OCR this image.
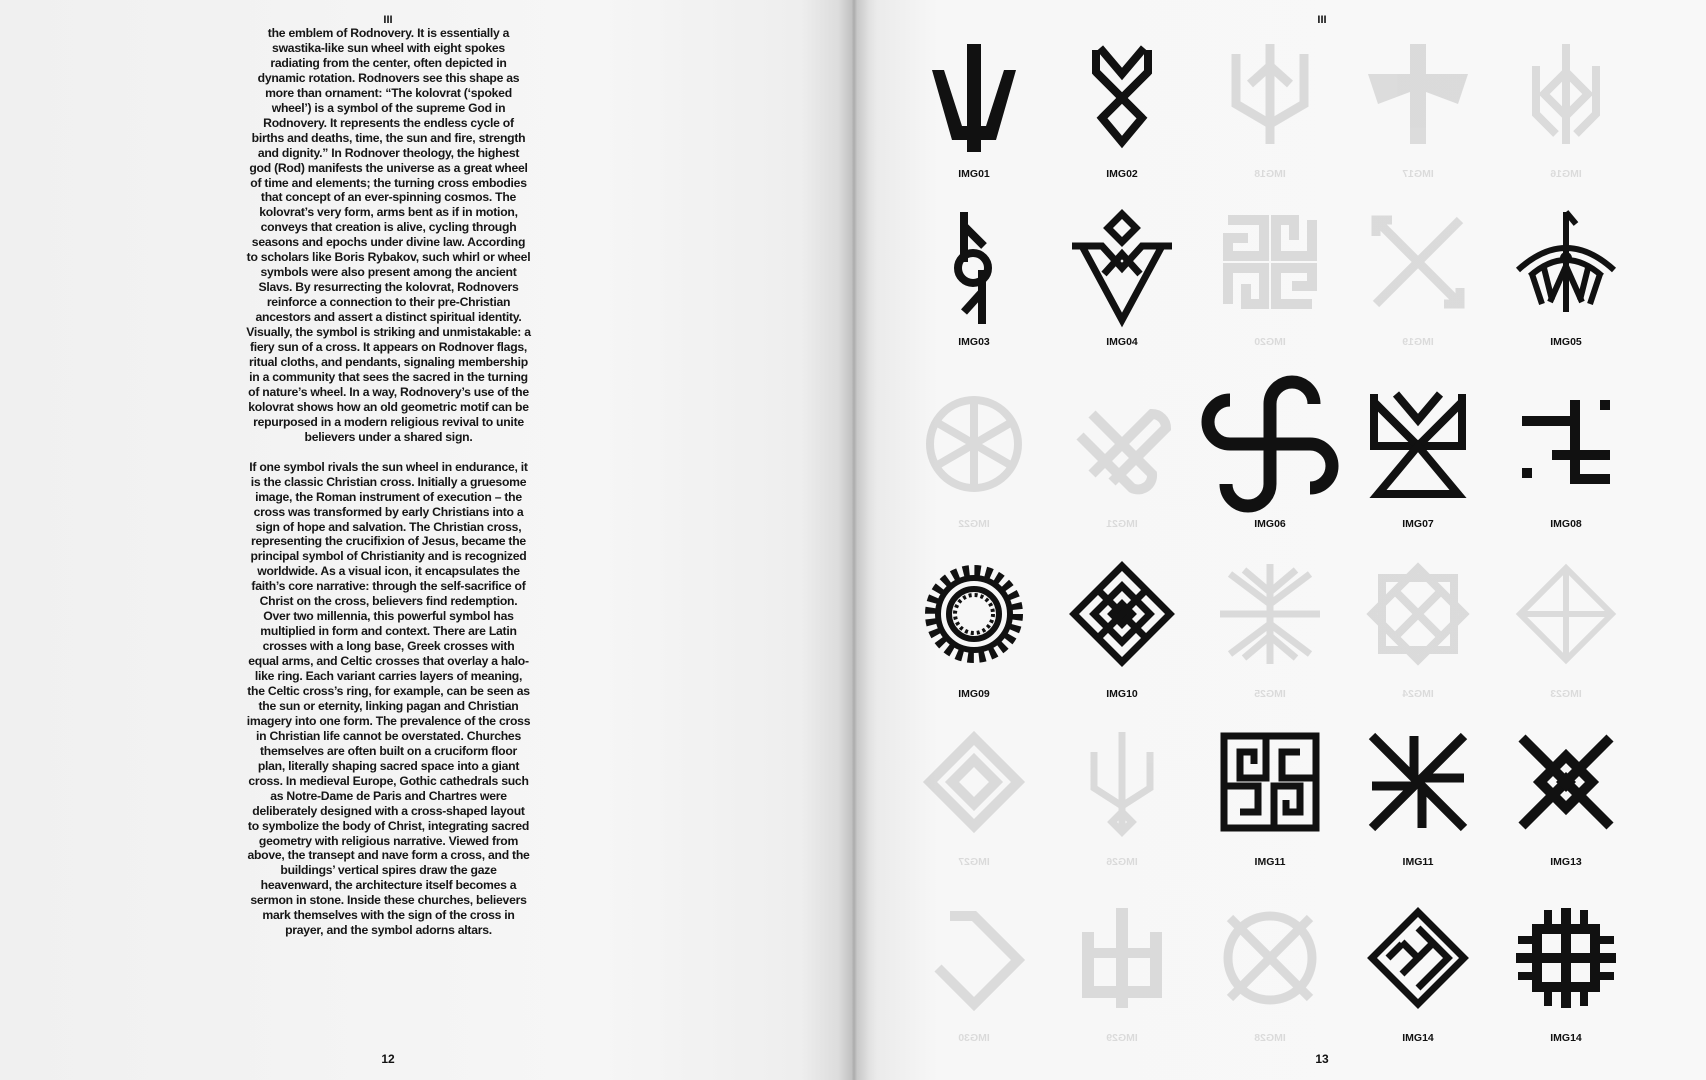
III

the emblem of Rodnovery. It is essentially a swastika-like sun wheel with eight spokes radiating from the center, often depicted in dynamic rotation. Rodnovers see this shape as more than ornament: “The kolovrat (‘spoked wheel’) is a symbol of the supreme God in Rodnovery. It represents the endless cycle of births and deaths, time, the sun and fire, strength and dignity.” In Rodnover theology, the highest god (Rod) manifests the universe as a great wheel of time and elements; the turning cross embodies that concept of an ever-spinning cosmos. The kolovrat’s very form, arms bent as if in motion, conveys that creation is alive, cycling through seasons and epochs under divine law. According to scholars like Boris Rybakov, such whirl or wheel symbols were also present among the ancient Slavs. By resurrecting the kolovrat, Rodnovers reinforce a connection to their pre-Christian ancestors and assert a distinct spiritual identity. Visually, the symbol is striking and unmistakable: a fiery sun of a cross. It appears on Rodnover flags, ritual cloths, and pendants, signaling membership in a community that sees the sacred in the turning of nature’s wheel. In a way, Rodnovery’s use of the kolovrat shows how an old geometric motif can be repurposed in a modern religious revival to unite believers under a shared sign.

If one symbol rivals the sun wheel in endurance, it is the classic Christian cross. Initially a gruesome image, the Roman instrument of execution – the cross was transformed by early Christians into a sign of hope and salvation. The Christian cross, representing the crucifixion of Jesus, became the principal symbol of Christianity and is recognized worldwide. As a visual icon, it encapsulates the faith’s core narrative: through the self-sacrifice of Christ on the cross, believers find redemption. Over two millennia, this powerful symbol has multiplied in form and context. There are Latin crosses with a long base, Greek crosses with equal arms, and Celtic crosses that overlay a halo-like ring. Each variant carries layers of meaning, the Celtic cross’s ring, for example, can be seen as the sun or eternity, linking pagan and Christian imagery into one form. The prevalence of the cross in Christian life cannot be overstated. Churches themselves are often built on a cruciform floor plan, literally shaping sacred space into a giant cross. In medieval Europe, Gothic cathedrals such as Notre-Dame de Paris and Chartres were deliberately designed with a cross-shaped layout to symbolize the body of Christ, integrating sacred geometry with religious narrative. Viewed from above, the transept and nave form a cross, and the buildings’ vertical spires draw the gaze heavenward, the architecture itself becomes a sermon in stone. Inside these churches, believers mark themselves with the sign of the cross in prayer, and the symbol adorns altars.

12
III
IMG01	IMG02	IMG18	IMG17	IMG16
IMG03	IMG04	IMG20	IMG19	IMG05
IMG22	IMG21	IMG06	IMG07	IMG08
IMG09	IMG10	IMG25	IMG24	IMG23
IMG27	IMG26	IMG11	IMG11	IMG13
IMG30	IMG29	IMG28	IMG14	IMG14
13
